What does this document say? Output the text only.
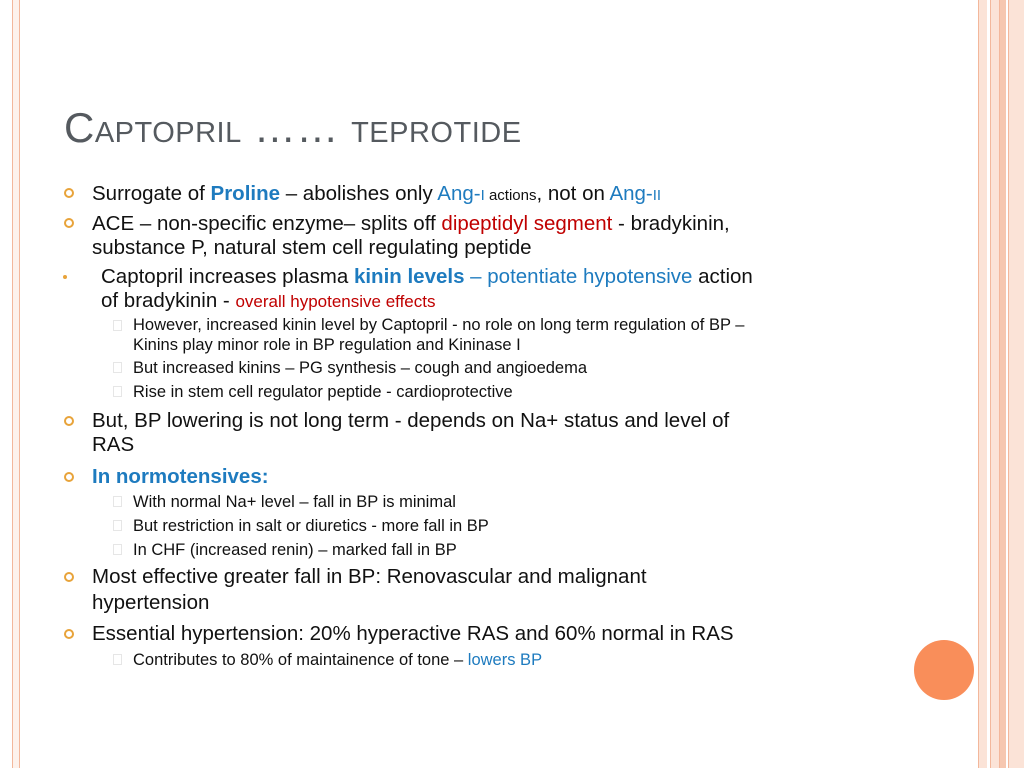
Captopril …… teprotide
Surrogate of Proline – abolishes only Ang-I actions, not on Ang-II
ACE – non-specific enzyme– splits off dipeptidyl segment - bradykinin,
substance P, natural stem cell regulating peptide
Captopril increases plasma kinin levels – potentiate hypotensive action
of bradykinin - overall hypotensive effects
However, increased kinin level by Captopril - no role on long term regulation of BP –
Kinins play minor role in BP regulation and Kininase I
But increased kinins – PG synthesis – cough and angioedema
Rise in stem cell regulator peptide - cardioprotective
But, BP lowering is not long term - depends on Na+ status and level of
RAS
In normotensives:
With normal Na+ level – fall in BP is minimal
But restriction in salt or diuretics - more fall in BP
In CHF (increased renin) – marked fall in BP
Most effective greater fall in BP: Renovascular and malignant
hypertension
Essential hypertension: 20% hyperactive RAS and 60% normal in RAS
Contributes to 80% of maintainence of tone – lowers BP
